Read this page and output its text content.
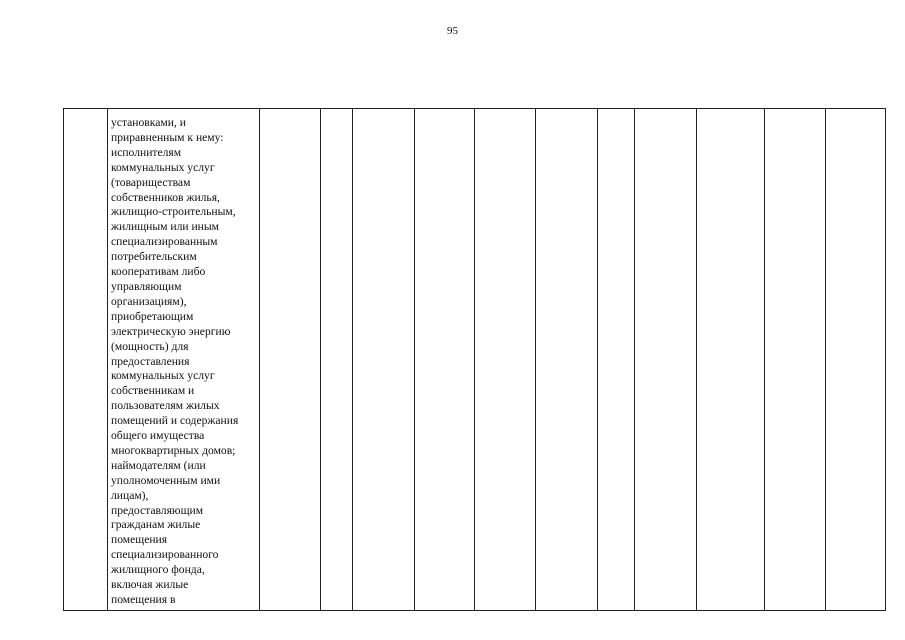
95

установками, и
приравненным к нему:
исполнителям
коммунальных услуг
(товариществам
собственников жилья,
жилищно-строительным,
жилищным или иным
специализированным
потребительским
кооперативам либо
управляющим
организациям),
приобретающим
электрическую энергию
(мощность) для
предоставления
коммунальных услуг
собственникам и
пользователям жилых
помещений и содержания
общего имущества
многоквартирных домов;
наймодателям (или
уполномоченным ими
лицам),
предоставляющим
гражданам жилые
помещения
специализированного
жилищного фонда,
включая жилые
помещения в
